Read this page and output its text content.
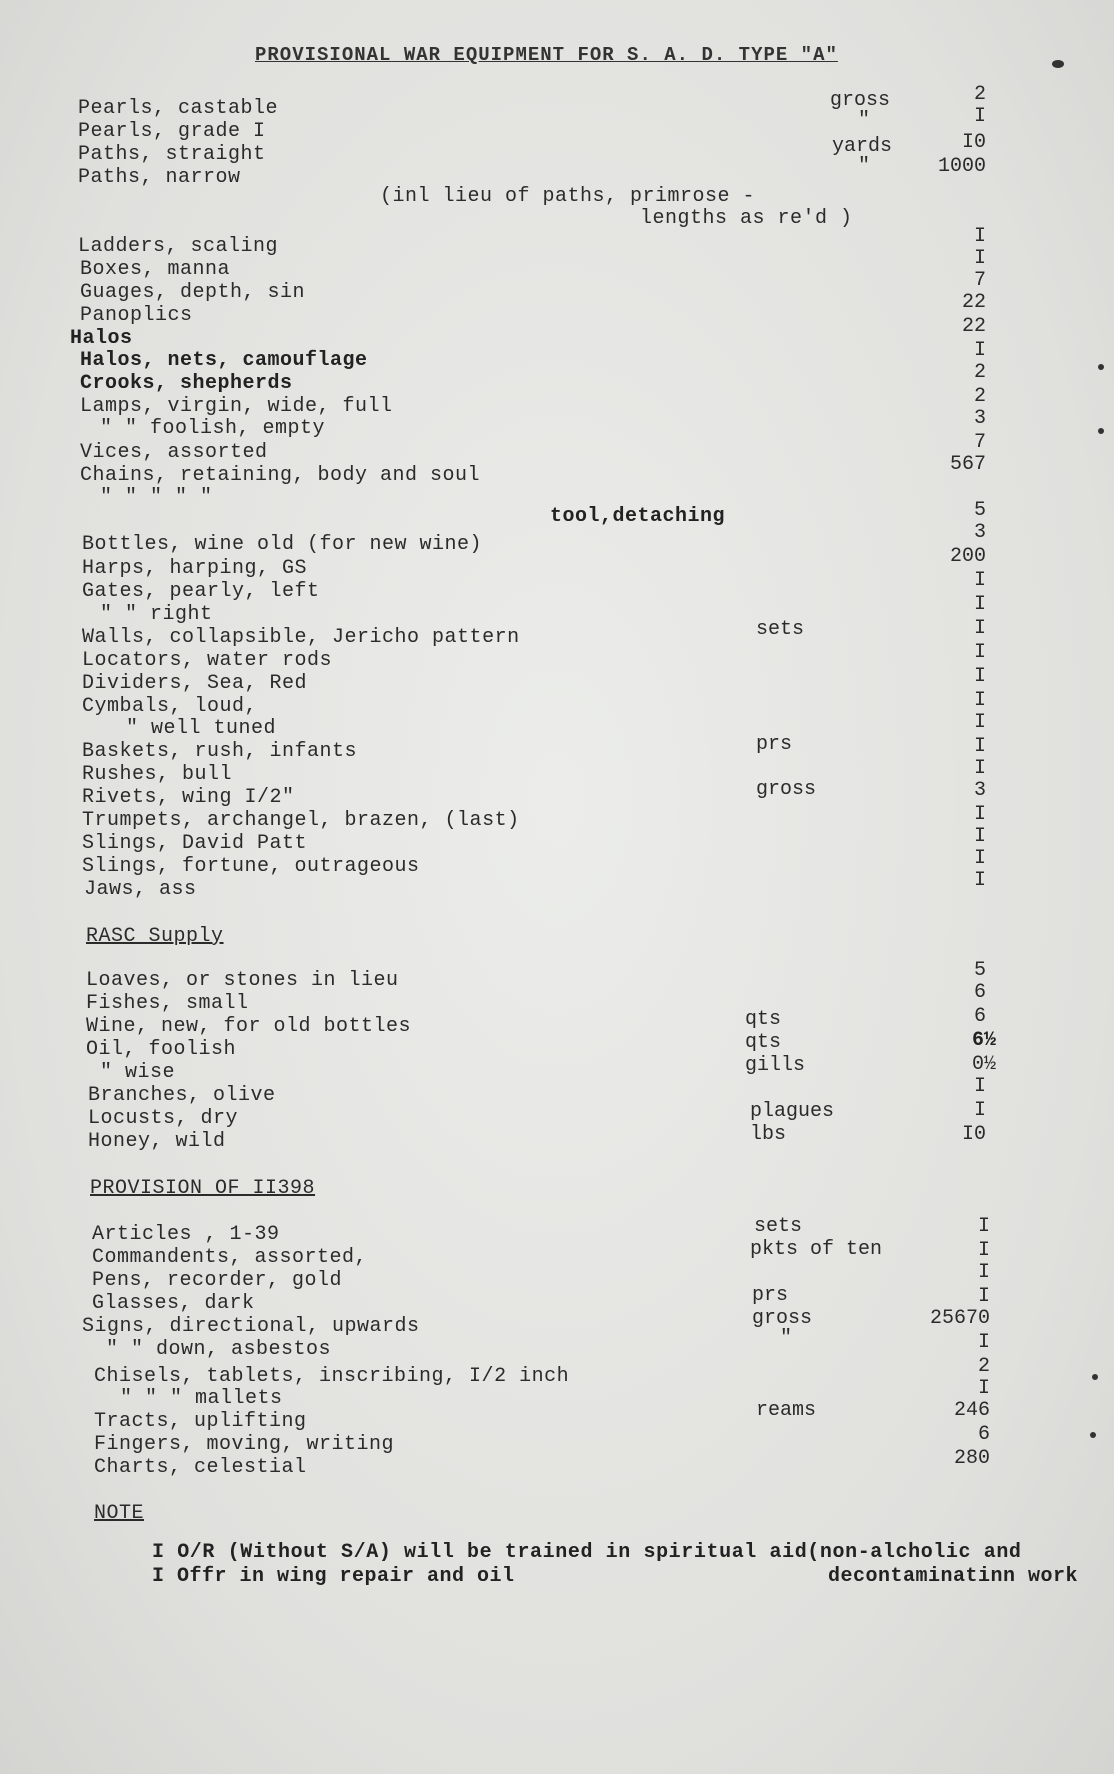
PROVISIONAL WAR EQUIPMENT FOR S. A. D. TYPE "A"
Pearls, castable
Pearls, grade I
Paths, straight
Paths, narrow
(inl lieu of paths, primrose -
lengths as re'd )
Ladders, scaling
Boxes, manna
Guages, depth, sin
Panoplics
Halos
Halos, nets, camouflage
Crooks, shepherds
Lamps, virgin, wide, full
" " foolish, empty
Vices, assorted
Chains, retaining, body and soul
" " " " "
tool,detaching
Bottles, wine old (for new wine)
Harps, harping, GS
Gates, pearly, left
" " right
Walls, collapsible, Jericho pattern
Locators, water rods
Dividers, Sea, Red
Cymbals, loud,
" well tuned
Baskets, rush, infants
Rushes, bull
Rivets, wing I/2"
Trumpets, archangel, brazen, (last)
Slings, David Patt
Slings, fortune, outrageous
Jaws, ass
RASC Supply
Loaves, or stones in lieu
Fishes, small
Wine, new, for old bottles
Oil, foolish
" wise
Branches, olive
Locusts, dry
Honey, wild
PROVISION OF II398
Articles , 1-39
Commandents, assorted,
Pens, recorder, gold
Glasses, dark
Signs, directional, upwards
" " down, asbestos
Chisels, tablets, inscribing, I/2 inch
" " " mallets
Tracts, uplifting
Fingers, moving, writing
Charts, celestial
NOTE
gross
"
yards
"
sets
prs
gross
qts
qts
gills
plagues
lbs
sets
pkts of ten
prs
gross
"
reams
2
I
I0
1000
I
I
7
22
22
I
2
2
3
7
567
5
3
200
I
I
I
I
I
I
I
I
I
3
I
I
I
I
5
6
6
6½
0½
I
I
I0
I
I
I
I
25670
I
2
I
246
6
280
I O/R (Without S/A) will be trained in spiritual aid(non-alcholic and
I Offr in wing repair and oil	decontaminatinn work
